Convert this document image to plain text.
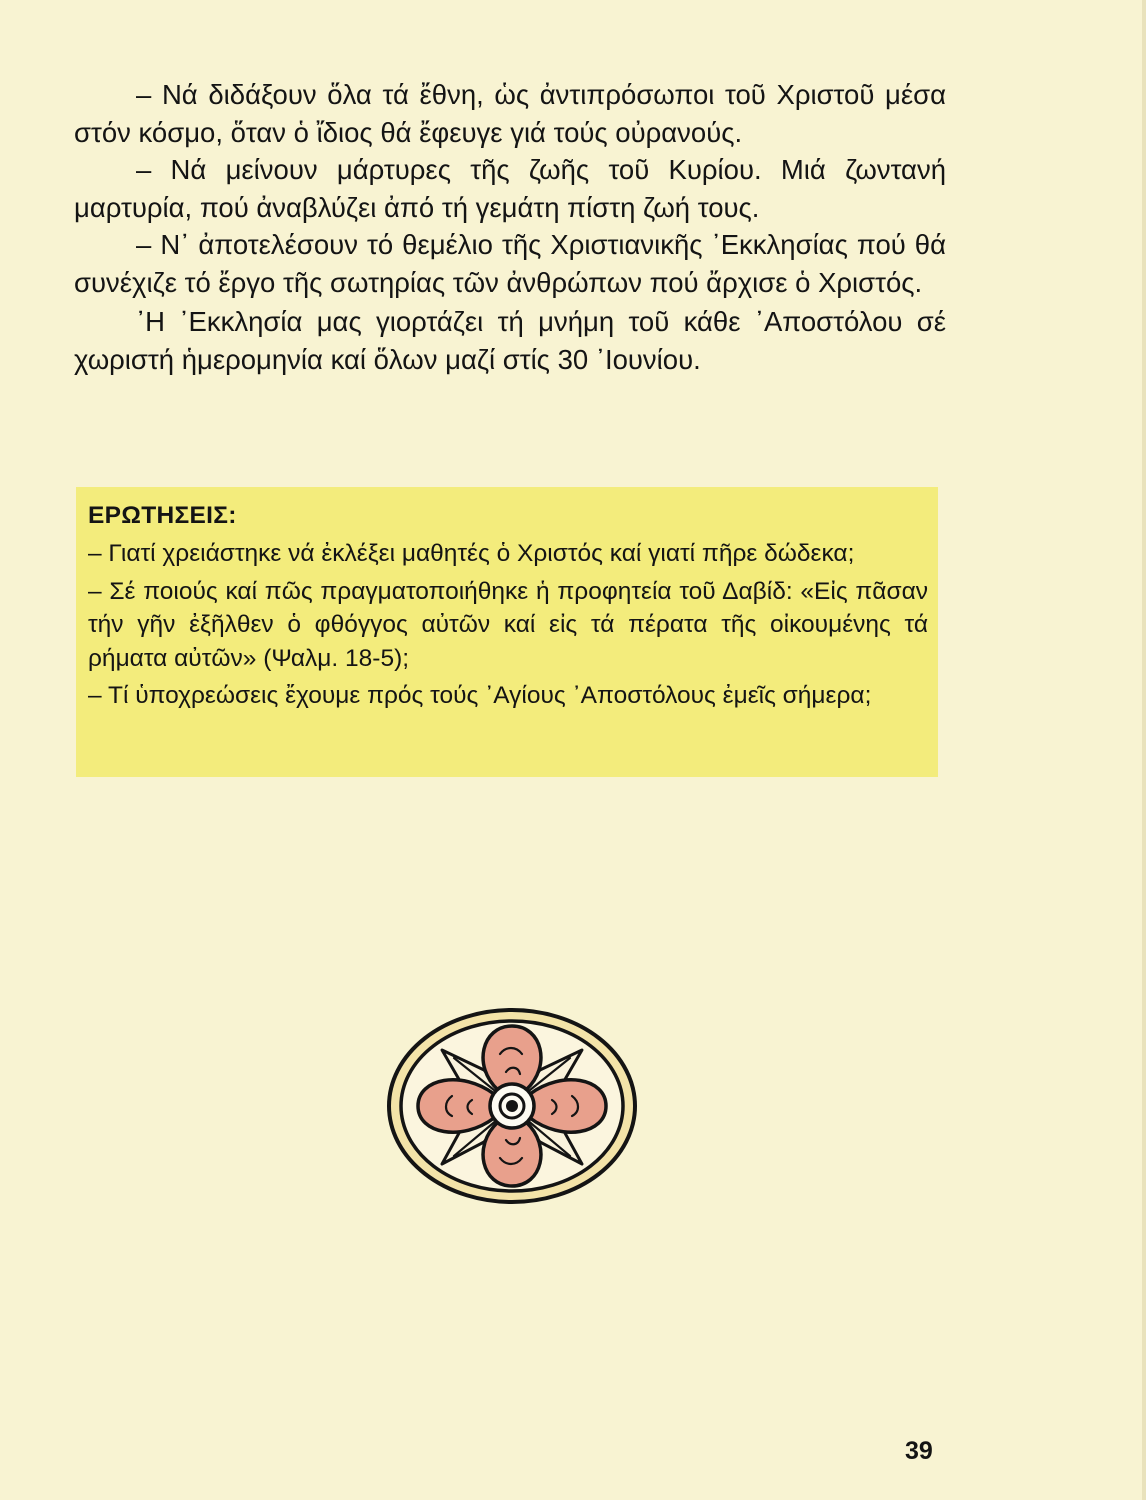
– Νά διδάξουν ὅλα τά ἔθνη, ὡς ἀντιπρόσωποι τοῦ Χριστοῦ μέσα στόν κόσμο, ὅταν ὁ ἴδιος θά ἔφευγε γιά τούς οὐρανούς.

– Νά μείνουν μάρτυρες τῆς ζωῆς τοῦ Κυρίου. Μιά ζωντανή μαρτυρία, πού ἀναβλύζει ἀπό τή γεμάτη πίστη ζωή τους.

– Ν᾿ ἀποτελέσουν τό θεμέλιο τῆς Χριστιανικῆς ᾿Εκκλησίας πού θά συνέχιζε τό ἔργο τῆς σωτηρίας τῶν ἀνθρώπων πού ἄρχισε ὁ Χριστός.

᾿Η ᾿Εκκλησία μας γιορτάζει τή μνήμη τοῦ κάθε ᾿Αποστόλου σέ χωριστή ἡμερομηνία καί ὅλων μαζί στίς 30 ᾿Ιουνίου.

ΕΡΩΤΗΣΕΙΣ:
– Γιατί χρειάστηκε νά ἐκλέξει μαθητές ὁ Χριστός καί γιατί πῆρε δώδεκα;
– Σέ ποιούς καί πῶς πραγματοποιήθηκε ἡ προφητεία τοῦ Δαβίδ: «Εἰς πᾶσαν τήν γῆν ἐξῆλθεν ὁ φθόγγος αὐτῶν καί εἰς τά πέρατα τῆς οἰκουμένης τά ρήματα αὐτῶν» (Ψαλμ. 18-5);
– Τί ὑποχρεώσεις ἔχουμε πρός τούς ᾿Αγίους ᾿Αποστόλους ἐμεῖς σήμερα;
39
